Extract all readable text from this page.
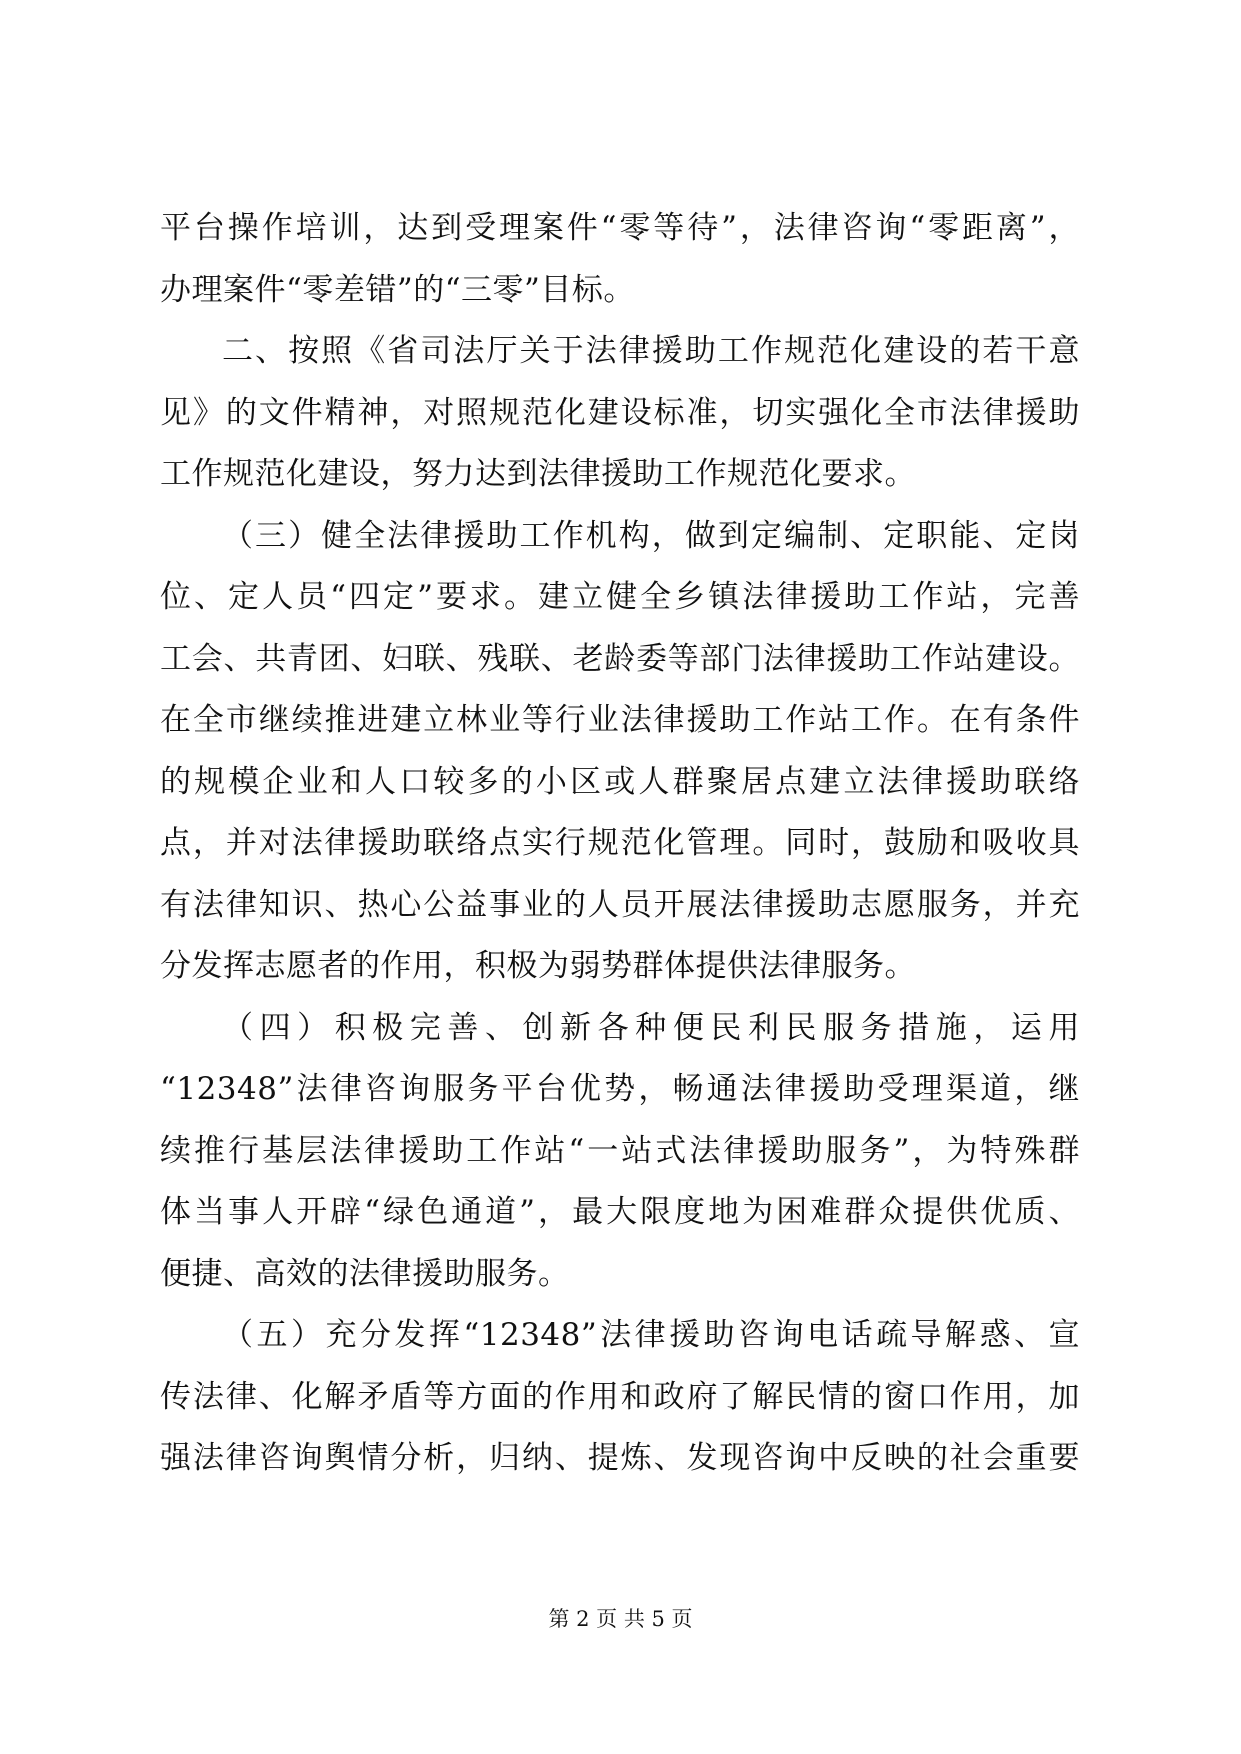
平台操作培训，达到受理案件“零等待”，法律咨询“零距离”，
办理案件“零差错”的“三零”目标。
二、按照《省司法厅关于法律援助工作规范化建设的若干意
见》的文件精神，对照规范化建设标准，切实强化全市法律援助
工作规范化建设，努力达到法律援助工作规范化要求。
（三）健全法律援助工作机构，做到定编制、定职能、定岗
位、定人员“四定”要求。建立健全乡镇法律援助工作站，完善
工会、共青团、妇联、残联、老龄委等部门法律援助工作站建设。
在全市继续推进建立林业等行业法律援助工作站工作。在有条件
的规模企业和人口较多的小区或人群聚居点建立法律援助联络
点，并对法律援助联络点实行规范化管理。同时，鼓励和吸收具
有法律知识、热心公益事业的人员开展法律援助志愿服务，并充
分发挥志愿者的作用，积极为弱势群体提供法律服务。
（四）积极完善、创新各种便民利民服务措施，运用
“12348”法律咨询服务平台优势，畅通法律援助受理渠道，继
续推行基层法律援助工作站“一站式法律援助服务”，为特殊群
体当事人开辟“绿色通道”，最大限度地为困难群众提供优质、
便捷、高效的法律援助服务。
（五）充分发挥“12348”法律援助咨询电话疏导解惑、宣
传法律、化解矛盾等方面的作用和政府了解民情的窗口作用，加
强法律咨询舆情分析，归纳、提炼、发现咨询中反映的社会重要
第 2 页 共 5 页
